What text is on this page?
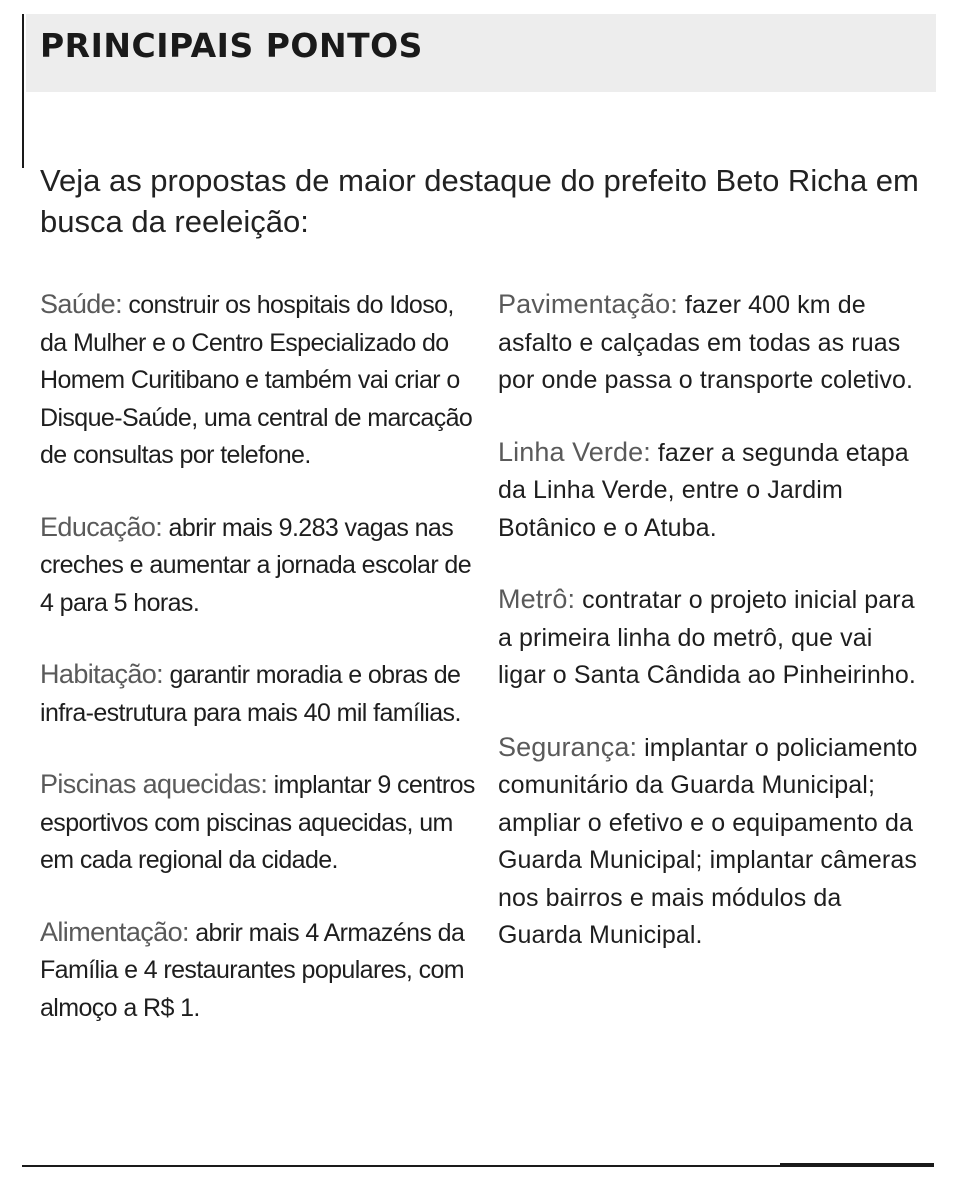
PRINCIPAIS PONTOS

Veja as propostas de maior destaque do prefeito Beto Richa em busca da reeleição:

Saúde: construir os hospitais do Idoso, da Mulher e o Centro Especializado do Homem Curitibano e também vai criar o Disque-Saúde, uma central de marcação de consultas por telefone.

Educação: abrir mais 9.283 vagas nas creches e aumentar a jornada escolar de 4 para 5 horas.

Habitação: garantir moradia e obras de infra-estrutura para mais 40 mil famílias.

Piscinas aquecidas: implantar 9 centros esportivos com piscinas aquecidas, um em cada regional da cidade.

Alimentação: abrir mais 4 Armazéns da Família e 4 restaurantes populares, com almoço a R$ 1.

Pavimentação: fazer 400 km de asfalto e calçadas em todas as ruas por onde passa o transporte coletivo.

Linha Verde: fazer a segunda etapa da Linha Verde, entre o Jardim Botânico e o Atuba.

Metrô: contratar o projeto inicial para a primeira linha do metrô, que vai ligar o Santa Cândida ao Pinheirinho.

Segurança: implantar o policiamento comunitário da Guarda Municipal; ampliar o efetivo e o equipamento da Guarda Municipal; implantar câmeras nos bairros e mais módulos da Guarda Municipal.
